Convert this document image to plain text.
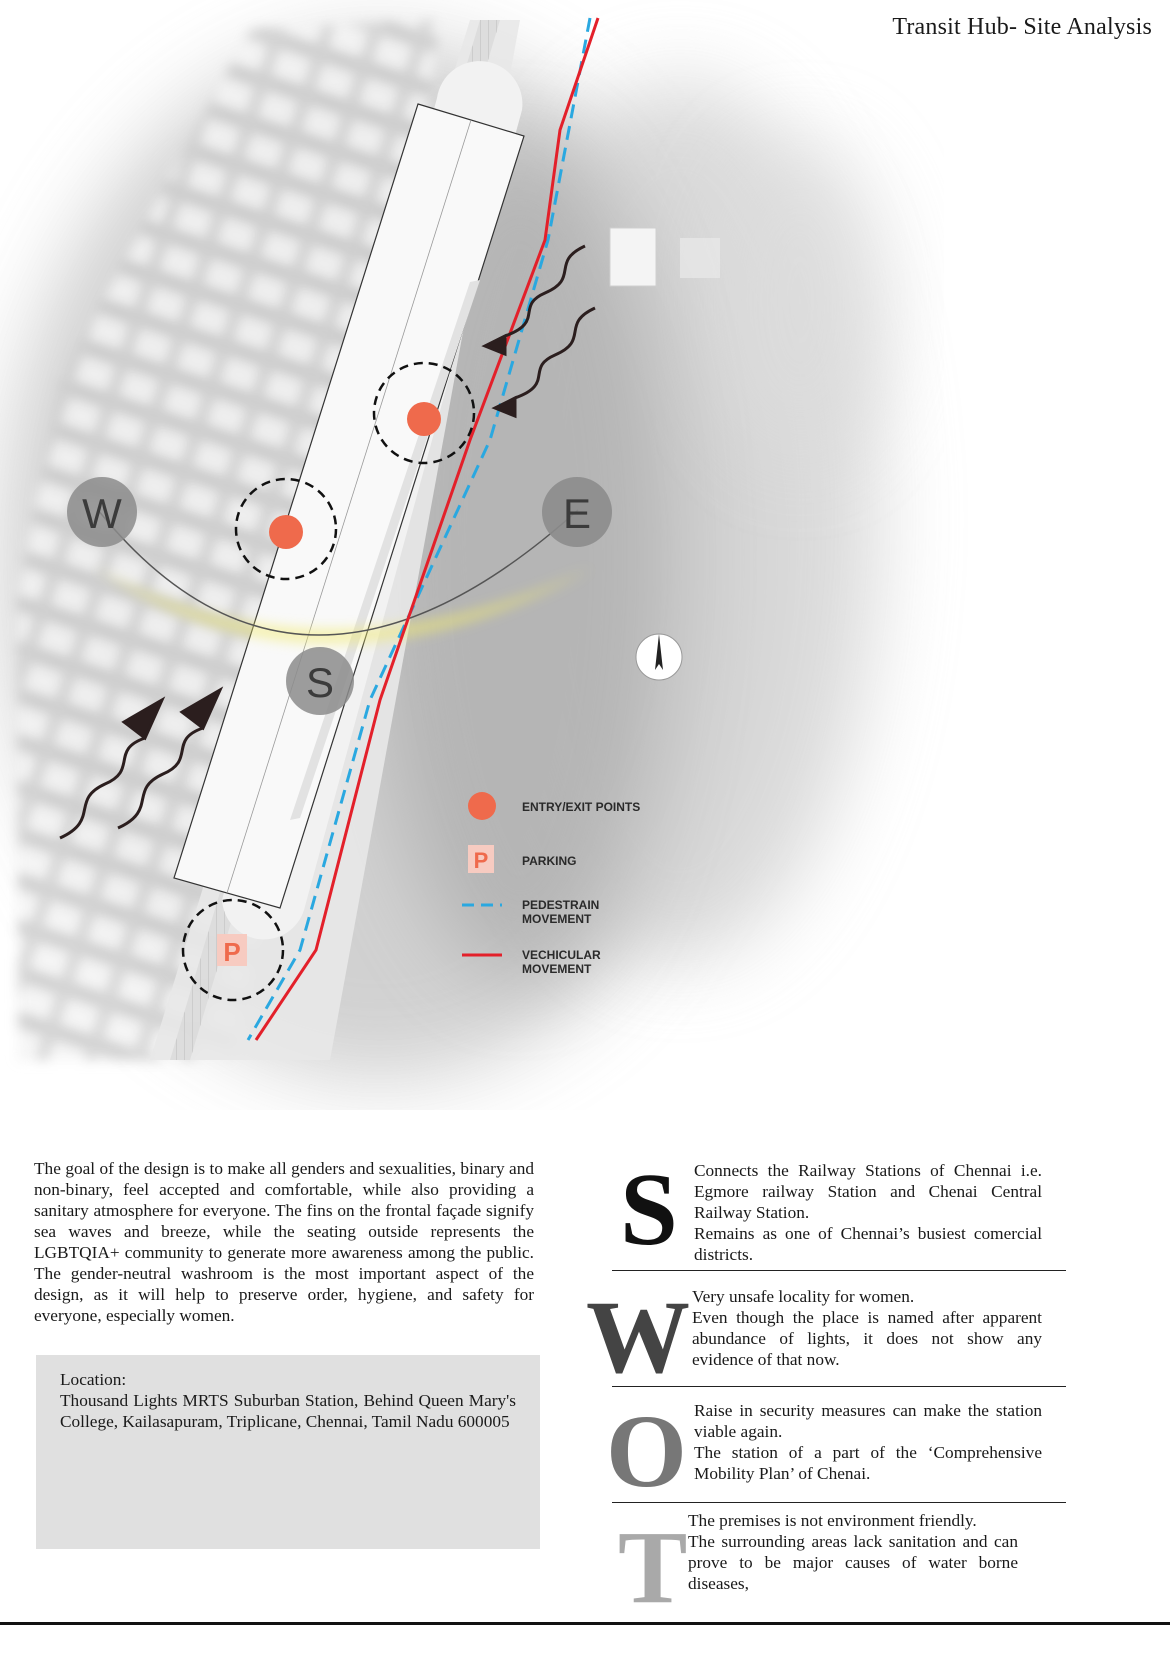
Transit Hub- Site Analysis
W	E
S
P
P
ENTRY/EXIT POINTS
PARKING
PEDESTRAIN MOVEMENT
VECHICULAR MOVEMENT
The goal of the design is to make all genders and sexualities, binary and non-binary, feel accepted and comfortable, while also providing a sanitary atmosphere for everyone. The fins on the frontal façade signify sea waves and breeze, while the seating outside represents the LGBTQIA+ community to generate more awareness among the public. The gender-neutral washroom is the most important aspect of the design, as it will help to preserve order, hygiene, and safety for everyone, especially women.
Location:
Thousand Lights MRTS Suburban Station, Behind Queen Mary's College, Kailasapuram, Triplicane, Chennai, Tamil Nadu 600005
S Connects the Railway Stations of Chennai i.e. Egmore railway Station and Chenai Central Railway Station.
Remains as one of Chennai’s busiest comercial districts.
W Very unsafe locality for women.
Even though the place is named after apparent abundance of lights, it does not show any evidence of that now.
O Raise in security measures can make the station viable again.
The station of a part of the ‘Comprehensive Mobility Plan’ of Chenai.
T The premises is not environment friendly.
The surrounding areas lack sanitation and can prove to be major causes of water borne diseases,
